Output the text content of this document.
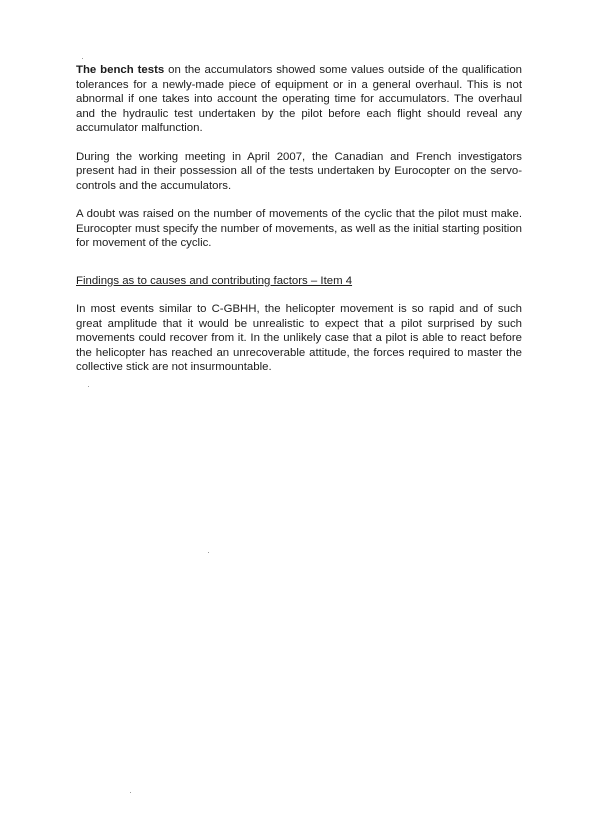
The bench tests on the accumulators showed some values outside of the qualification tolerances for a newly-made piece of equipment or in a general overhaul. This is not abnormal if one takes into account the operating time for accumulators. The overhaul and the hydraulic test undertaken by the pilot before each flight should reveal any accumulator malfunction.

During the working meeting in April 2007, the Canadian and French investigators present had in their possession all of the tests undertaken by Eurocopter on the servo-controls and the accumulators.

A doubt was raised on the number of movements of the cyclic that the pilot must make. Eurocopter must specify the number of movements, as well as the initial starting position for movement of the cyclic.

Findings as to causes and contributing factors – Item 4

In most events similar to C-GBHH, the helicopter movement is so rapid and of such great amplitude that it would be unrealistic to expect that a pilot surprised by such movements could recover from it. In the unlikely case that a pilot is able to react before the helicopter has reached an unrecoverable attitude, the forces required to master the collective stick are not insurmountable.
